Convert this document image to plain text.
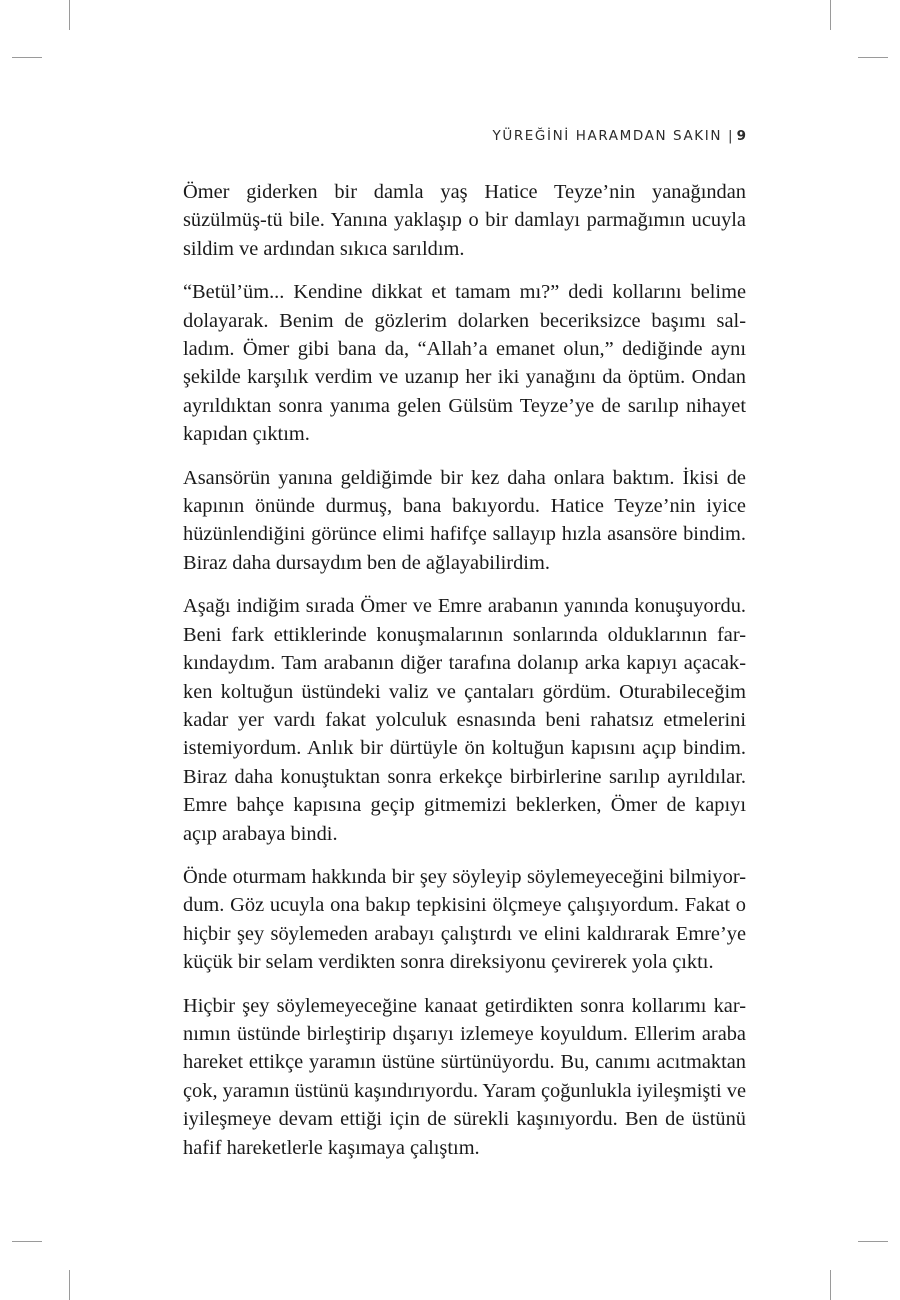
YÜREĞİNİ HARAMDAN SAKIN | 9

Ömer giderken bir damla yaş Hatice Teyze’nin yanağından süzülmüş-tü bile. Yanına yaklaşıp o bir damlayı parmağımın ucuyla sildim ve ardından sıkıca sarıldım.

“Betül’üm... Kendine dikkat et tamam mı?” dedi kollarını belime dolayarak. Benim de gözlerim dolarken beceriksizce başımı sal-ladım. Ömer gibi bana da, “Allah’a emanet olun,” dediğinde aynı şekilde karşılık verdim ve uzanıp her iki yanağını da öptüm. Ondan ayrıldıktan sonra yanıma gelen Gülsüm Teyze’ye de sarılıp nihayet kapıdan çıktım.

Asansörün yanına geldiğimde bir kez daha onlara baktım. İkisi de kapının önünde durmuş, bana bakıyordu. Hatice Teyze’nin iyice hüzünlendiğini görünce elimi hafifçe sallayıp hızla asansöre bindim. Biraz daha dursaydım ben de ağlayabilirdim.

Aşağı indiğim sırada Ömer ve Emre arabanın yanında konuşuyordu. Beni fark ettiklerinde konuşmalarının sonlarında olduklarının far-kındaydım. Tam arabanın diğer tarafına dolanıp arka kapıyı açacak-ken koltuğun üstündeki valiz ve çantaları gördüm. Oturabileceğim kadar yer vardı fakat yolculuk esnasında beni rahatsız etmelerini istemiyordum. Anlık bir dürtüyle ön koltuğun kapısını açıp bindim. Biraz daha konuştuktan sonra erkekçe birbirlerine sarılıp ayrıldılar. Emre bahçe kapısına geçip gitmemizi beklerken, Ömer de kapıyı açıp arabaya bindi.

Önde oturmam hakkında bir şey söyleyip söylemeyeceğini bilmiyor-dum. Göz ucuyla ona bakıp tepkisini ölçmeye çalışıyordum. Fakat o hiçbir şey söylemeden arabayı çalıştırdı ve elini kaldırarak Emre’ye küçük bir selam verdikten sonra direksiyonu çevirerek yola çıktı.

Hiçbir şey söylemeyeceğine kanaat getirdikten sonra kollarımı kar-nımın üstünde birleştirip dışarıyı izlemeye koyuldum. Ellerim araba hareket ettikçe yaramın üstüne sürtünüyordu. Bu, canımı acıtmaktan çok, yaramın üstünü kaşındırıyordu. Yaram çoğunlukla iyileşmişti ve iyileşmeye devam ettiği için de sürekli kaşınıyordu. Ben de üstünü hafif hareketlerle kaşımaya çalıştım.
